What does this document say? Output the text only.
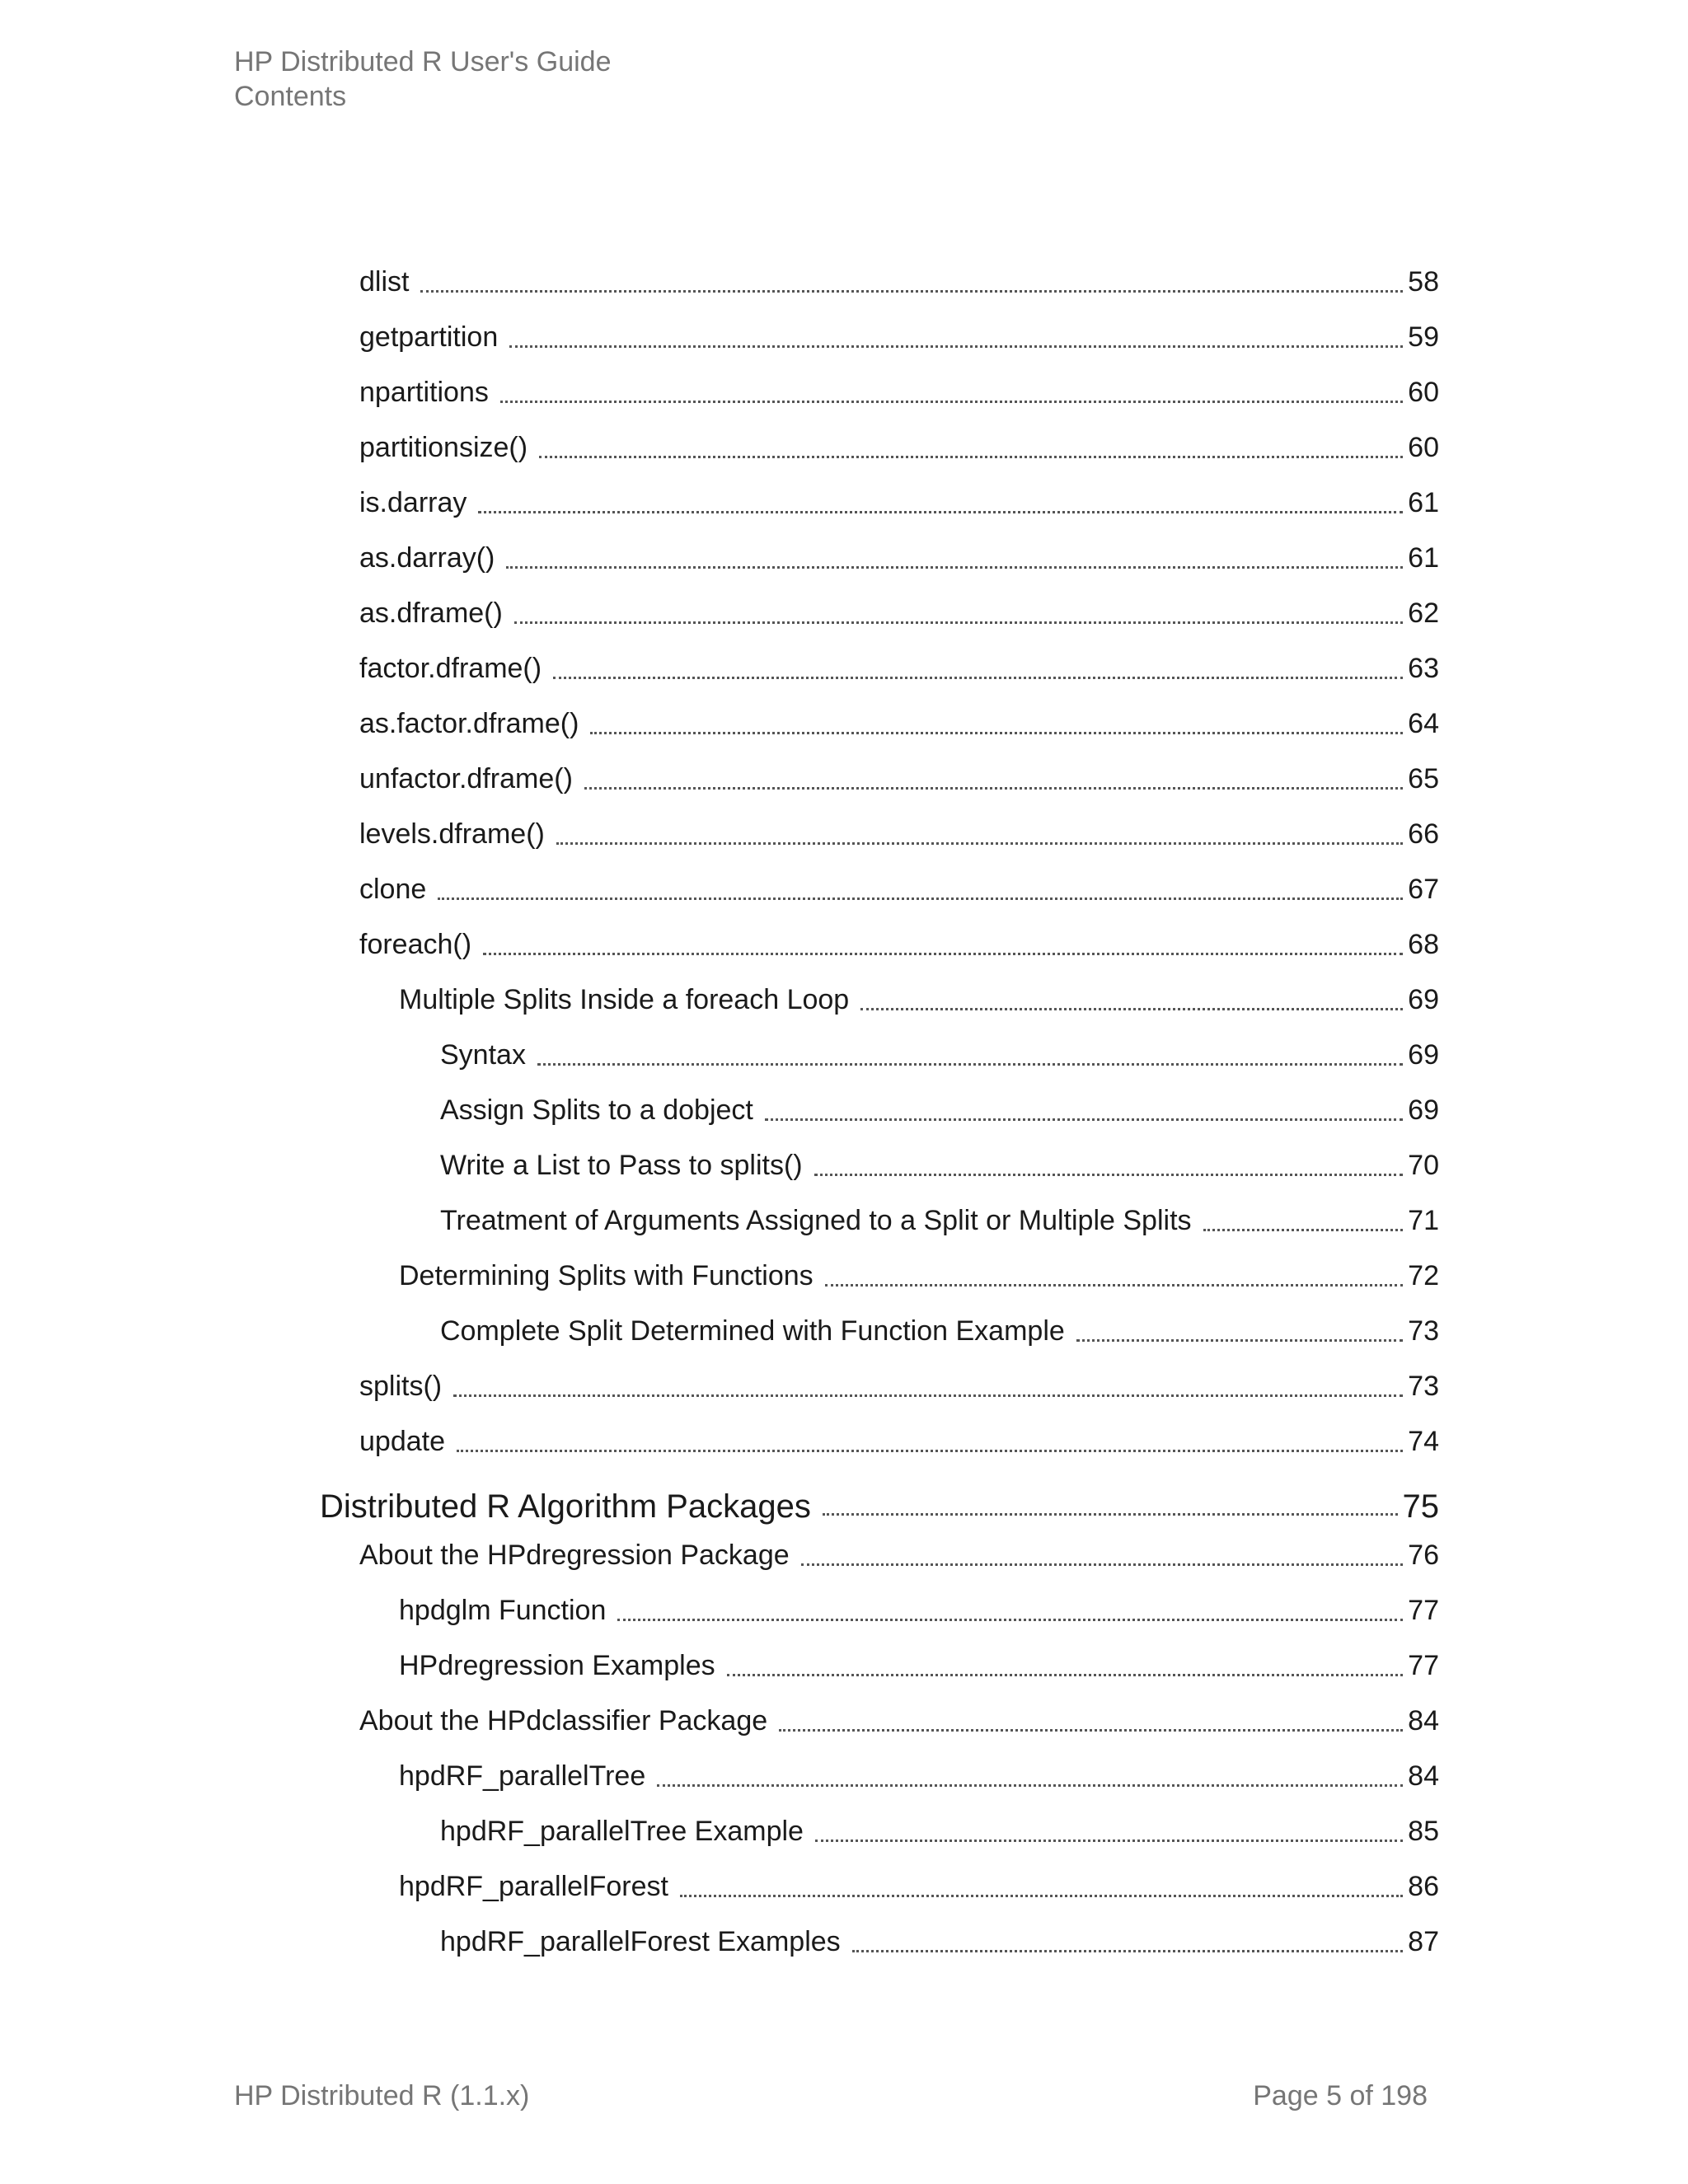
HP Distributed R User's Guide
Contents
dlist	58
getpartition	59
npartitions	60
partitionsize()	60
is.darray	61
as.darray()	61
as.dframe()	62
factor.dframe()	63
as.factor.dframe()	64
unfactor.dframe()	65
levels.dframe()	66
clone	67
foreach()	68
Multiple Splits Inside a foreach Loop	69
Syntax	69
Assign Splits to a dobject	69
Write a List to Pass to splits()	70
Treatment of Arguments Assigned to a Split or Multiple Splits	71
Determining Splits with Functions	72
Complete Split Determined with Function Example	73
splits()	73
update	74
Distributed R Algorithm Packages	75
About the HPdregression Package	76
hpdglm Function	77
HPdregression Examples	77
About the HPdclassifier Package	84
hpdRF_parallelTree	84
hpdRF_parallelTree Example	85
hpdRF_parallelForest	86
hpdRF_parallelForest Examples	87
HP Distributed R (1.1.x)	Page 5 of 198
